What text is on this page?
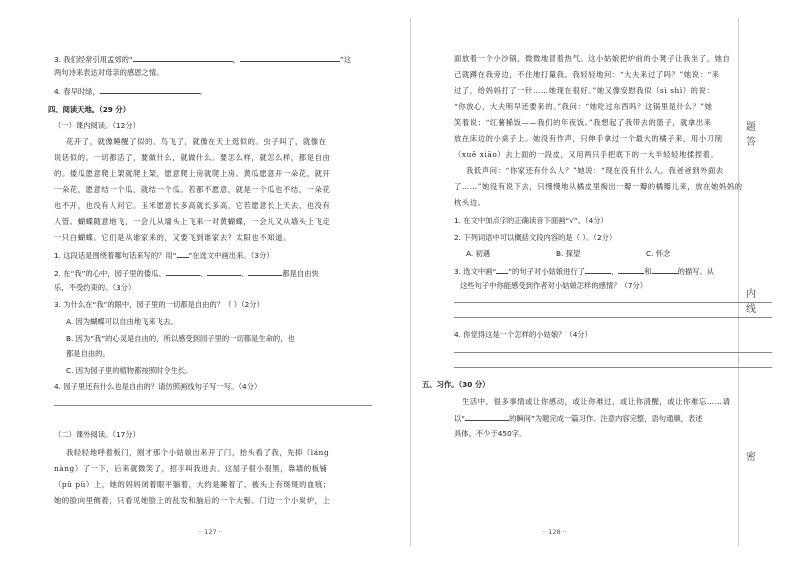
3. 我们经常引用孟郊的“	，	”这
两句诗来表达对母亲的感恩之情。
4. 春早时绿，	。
四、阅读天地。（29 分）
（一）课内阅读。（12分）
花开了，就像睡醒了似的。鸟飞了，就像在天上逛似的。虫子叫了，就像在
说话似的。一切都活了，要做什么，就做什么。要怎么样，就怎么样，都是自由
的。倭瓜愿意爬上架就爬上架，愿意爬上房就爬上房。黄瓜愿意开一朵花，就开
一朵花，愿意结一个瓜，就结一个瓜。若都不愿意，就是一个瓜也不结，一朵花
也不开，也没有人问它。玉米愿意长多高就长多高，它若愿意长上天去，也没有
人管。蝴蝶随意地飞，一会儿从墙头上飞来一对黄蝴蝶，一会儿又从墙头上飞走
一只白蝴蝶。它们是从谁家来的，又要飞到谁家去？太阳也不知道。
1. 这段话是围绕着哪句话来写的？用“ ”在选文中画出来。（3分）
2. 在“我”的心中，园子里的倭瓜、	、	、	都是自由快
乐，不受约束的。（3分）
3. 为什么在“我”的眼中，园子里的一切都是自由的？（ ）（2分）
A. 因为蝴蝶可以自由地飞来飞去。
B. 因为“我”的心灵是自由的，所以感受到园子里的一切都是生命的，也
都是自由的。
C. 因为园子里的植物都按照时令生长。
4. 园子里还有什么也是自由的？请仿照画线句子写一写。（4分）
（二）课外阅读。（17分）
我轻轻地呼着板门，刚才那个小姑娘出来开了门，抬头看了我，先抑（láng
nàng）了一下，后来就微笑了，招手叫我进去。这屋子很小很黑，靠墙的板铺
（pū pù）上，她的妈妈闭着眼平躺着，大约是睡着了，被头上有斑斑的血痕；
她的脸向里侧着，只看见她脸上的乱发和脑后的一个大髻。门边一个小炭炉，上
·· 127 ··
面放着一个小沙锅，微微地冒着热气。这小姑娘把炉前的小凳子让我坐了，她自
己就蹲在我旁边，不住地打量我。我轻轻地问：“大夫来过了吗？”她说：“来
过了，给妈妈打了一针……她现在很好。”她又像安慰我似（sì shì）的说：
“你放心，大夫明早还要来的。”我问：“她吃过东西吗？这锅里是什么？”她
笑着说：“红薯稀饭——我们的年夜饭。”我想起了我带去的篮子，就拿出来
放在床边的小桌子上。她没有作声，只伸手拿过一个最大的橘子来，用小刀削
（xuē xiāo）去上面的一段皮，又用两只手把底下的一大半轻轻地揉捏着。
我低声问：“你家还有什么人？”她说：“现在没有什么人，我爸爸到外面去
了……”她没有说下去，只慢慢地从橘皮里掏出一瓣一瓣的橘瓣儿来，放在她妈妈的
枕头边。
1. 在文中加点字的正确读音下面画“√”。（4分）
2. 下列词语中可以概括文段内容的是（ ）。（2分）
A. 初遇	B. 探望	C. 怀念
3. 选文中画“ ”的句子对小姑娘进行了	、	和	的描写。从
这些句子中你能感受到作者对小姑娘怎样的感情？（7分）
4. 你觉得这是一个怎样的小姑娘？（4分）
五、习作。（30 分）
生活中，很多事情或让你感动，或让你难过，或让你清醒，或让你难忘……请
以“	的瞬间”为题完成一篇习作。注意内容完整，语句通顺，表述
具体。不少于450字。
·· 128 ··
题
答
内
线
密
